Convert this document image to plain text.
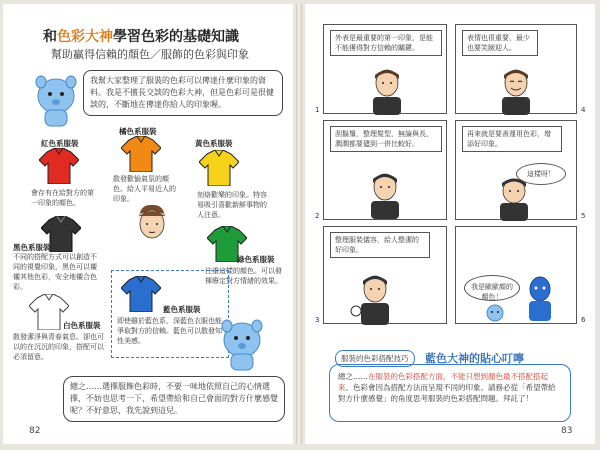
和色彩大神學習色彩的基礎知識
幫助贏得信賴的顏色／服飾的色彩與印象
我幫大家整理了服裝的色彩可以傳達什麼印象的資料。我是不擅長交談的色彩大神，但是色彩可是很健談的，不斷地在傳達你給人的印象喔。
紅色系服裝
會存有在給對方的第一印象的顏色。
橘色系服裝
散發歡愉氣氛的顏色。給人平易近人的印象。
黃色系服裝
刻烙歡樂的印象。特容易吸引喜歡新鮮事物的人注意。
黑色系服裝
不同的搭配方式可以創造不同的視覺印象，黑色可以襯襯其他色彩，安全地襯合色彩。
綠色系服裝
注重這樣的顏色。可以發揮療定對方情緒的效果。
白色系服裝
散發潔淨與青春氣息。卻也可以的在沉沉的印象，搭配可以必須留意。
藍色系服裝
即使雖於藍色系，深藍色衣服也能爭取對方的信賴。藍色可以散發知性美感。
總之……選擇服飾色彩時，不要一味地依照自己的心情選擇，不妨也思考一下，希望帶給和自己會面的對方什麼感覺呢？不好意思，我先說到這兒。
82
外表是最重要的第一印象，是能不能獲得對方信賴的關鍵。
1
表情也很重要，最少也要笑臉迎人。
4
刮鬍鬚，整理髮型，無論與長，澗澗都要儘到一併比較好。
2
再來就是要善運用色彩，增添好印象。
這樣呀！
5
整理服裝儀容，給人整潔的好印象。
3
我是歐歐顏的顏色！
6
服裝的色彩搭配技巧	藍色大神的貼心叮嚀
總之……在服裝的色彩搭配方面，不能只想到顏色最不搭配搭起來。色彩會因為搭配方法而呈現不同的印象。請務必從「希望帶給對方什麼感覺」的角度思考服裝的色彩搭配問題。拜託了！
83
